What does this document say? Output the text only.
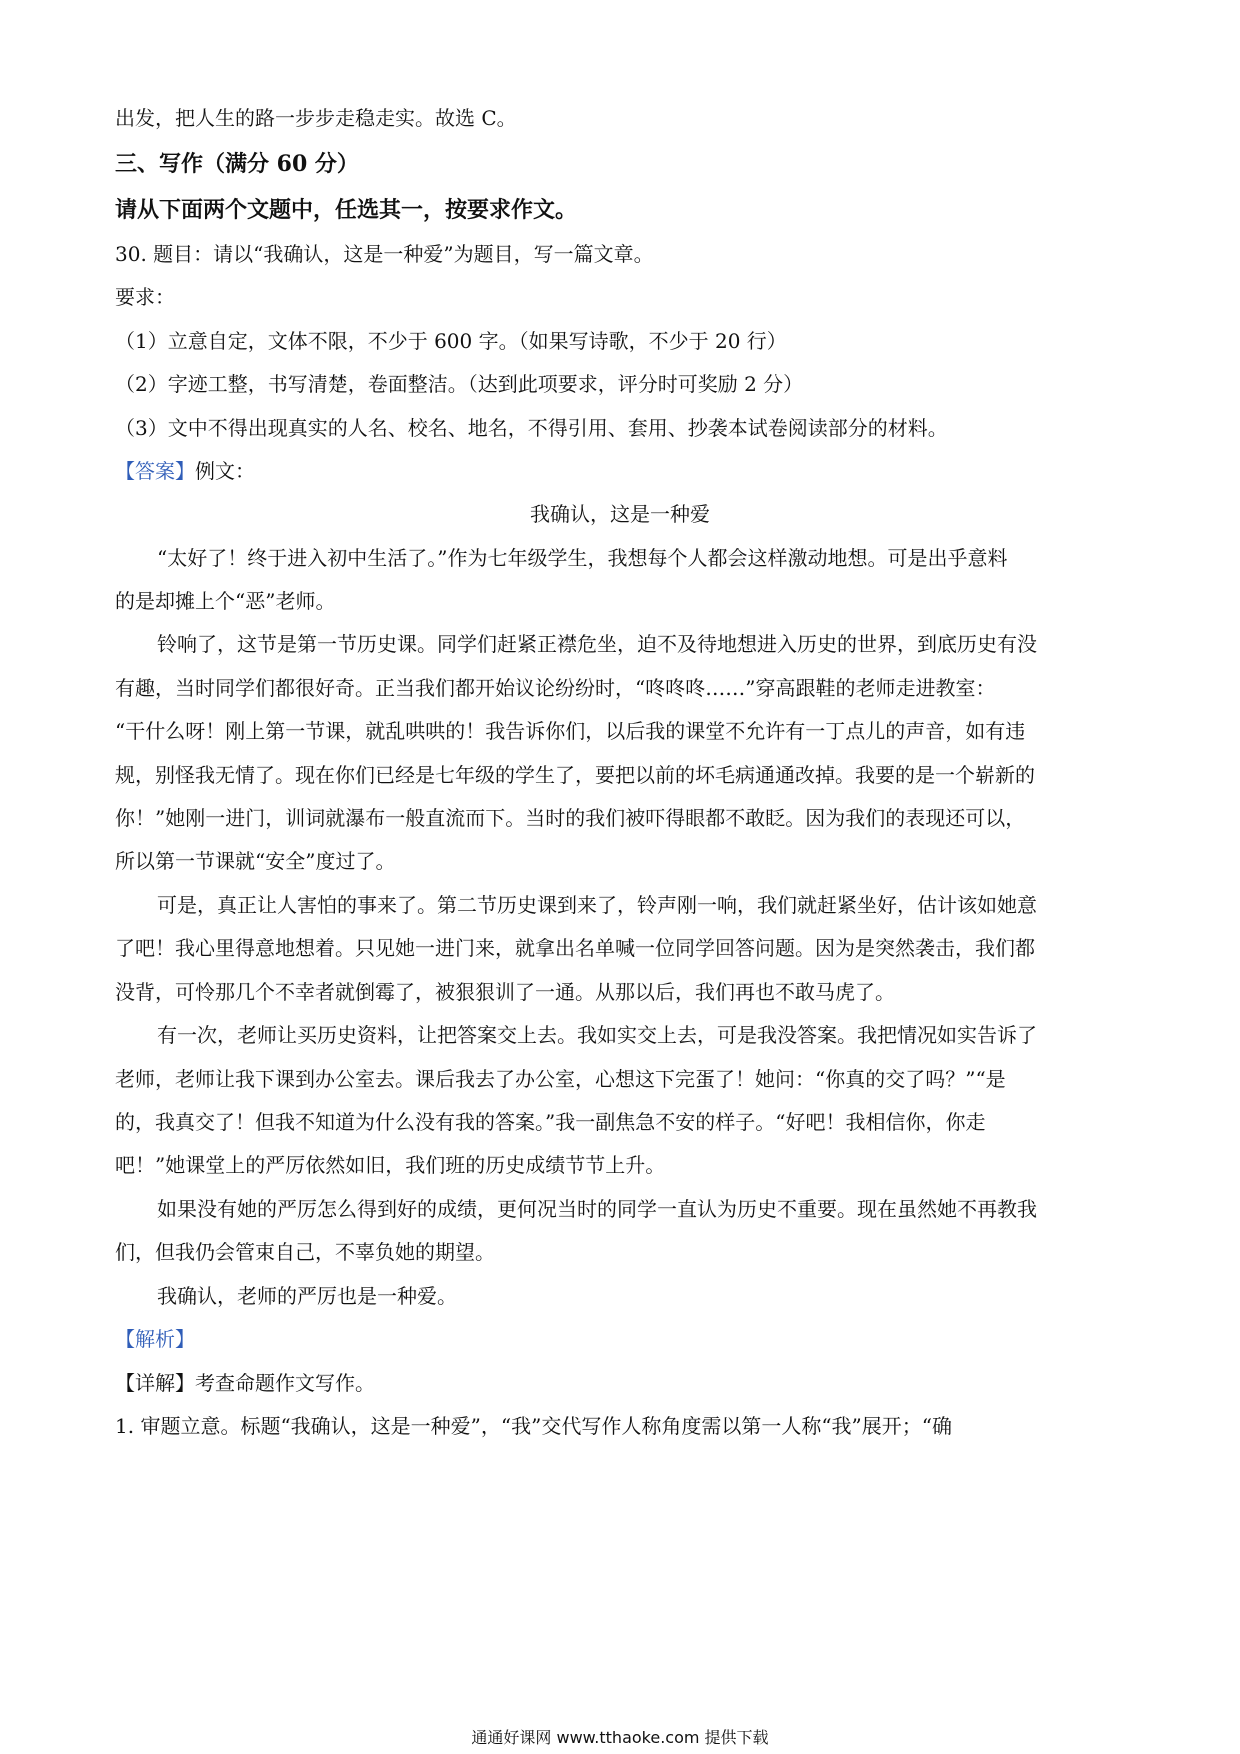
出发，把人生的路一步步走稳走实。故选 C。
三、写作（满分 60 分）
请从下面两个文题中，任选其一，按要求作文。
30. 题目：请以“我确认，这是一种爱”为题目，写一篇文章。
要求：
（1）立意自定，文体不限，不少于 600 字。（如果写诗歌，不少于 20 行）
（2）字迹工整，书写清楚，卷面整洁。（达到此项要求，评分时可奖励 2 分）
（3）文中不得出现真实的人名、校名、地名，不得引用、套用、抄袭本试卷阅读部分的材料。
【答案】例文：
我确认，这是一种爱
“太好了！终于进入初中生活了。”作为七年级学生，我想每个人都会这样激动地想。可是出乎意料
的是却摊上个“恶”老师。
铃响了，这节是第一节历史课。同学们赶紧正襟危坐，迫不及待地想进入历史的世界，到底历史有没
有趣，当时同学们都很好奇。正当我们都开始议论纷纷时，“咚咚咚……”穿高跟鞋的老师走进教室：
“干什么呀！刚上第一节课，就乱哄哄的！我告诉你们，以后我的课堂不允许有一丁点儿的声音，如有违
规，别怪我无情了。现在你们已经是七年级的学生了，要把以前的坏毛病通通改掉。我要的是一个崭新的
你！”她刚一进门，训词就瀑布一般直流而下。当时的我们被吓得眼都不敢眨。因为我们的表现还可以，
所以第一节课就“安全”度过了。
可是，真正让人害怕的事来了。第二节历史课到来了，铃声刚一响，我们就赶紧坐好，估计该如她意
了吧！我心里得意地想着。只见她一进门来，就拿出名单喊一位同学回答问题。因为是突然袭击，我们都
没背，可怜那几个不幸者就倒霉了，被狠狠训了一通。从那以后，我们再也不敢马虎了。
有一次，老师让买历史资料，让把答案交上去。我如实交上去，可是我没答案。我把情况如实告诉了
老师，老师让我下课到办公室去。课后我去了办公室，心想这下完蛋了！她问：“你真的交了吗？”“是
的，我真交了！但我不知道为什么没有我的答案。”我一副焦急不安的样子。“好吧！我相信你，你走
吧！”她课堂上的严厉依然如旧，我们班的历史成绩节节上升。
如果没有她的严厉怎么得到好的成绩，更何况当时的同学一直认为历史不重要。现在虽然她不再教我
们，但我仍会管束自己，不辜负她的期望。
我确认，老师的严厉也是一种爱。
【解析】
【详解】考查命题作文写作。
1. 审题立意。标题“我确认，这是一种爱”，“我”交代写作人称角度需以第一人称“我”展开；“确
通通好课网 www.tthaoke.com 提供下载
